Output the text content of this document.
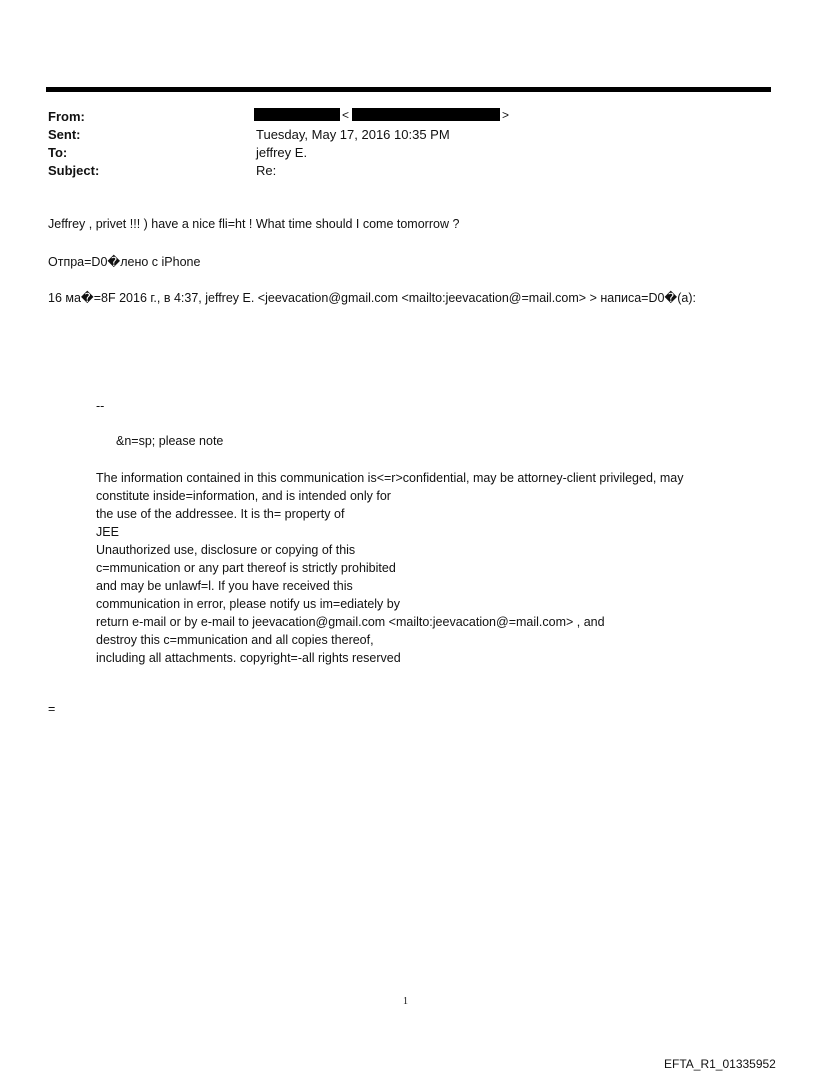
From:
Sent:
To:
Subject:
<	>
Tuesday, May 17, 2016 10:35 PM
jeffrey E.
Re:
Jeffrey , privet !!! ) have a nice fli=ht ! What time should I come tomorrow ?
Отпра=D0�лено с iPhone
16 ма�=8F 2016 г., в 4:37, jeffrey E. <jeevacation@gmail.com <mailto:jeevacation@=mail.com> > написа=D0�(a):
--
&n=sp; please note
The information contained in this communication is<=r>confidential, may be attorney-client privileged, may
constitute inside=information, and is intended only for
the use of the addressee. It is th= property of
JEE
Unauthorized use, disclosure or copying of this
c=mmunication or any part thereof is strictly prohibited
and may be unlawf=l. If you have received this
communication in error, please notify us im=ediately by
return e-mail or by e-mail to jeevacation@gmail.com <mailto:jeevacation@=mail.com> , and
destroy this c=mmunication and all copies thereof,
including all attachments. copyright=-all rights reserved
=
1
EFTA_R1_01335952
